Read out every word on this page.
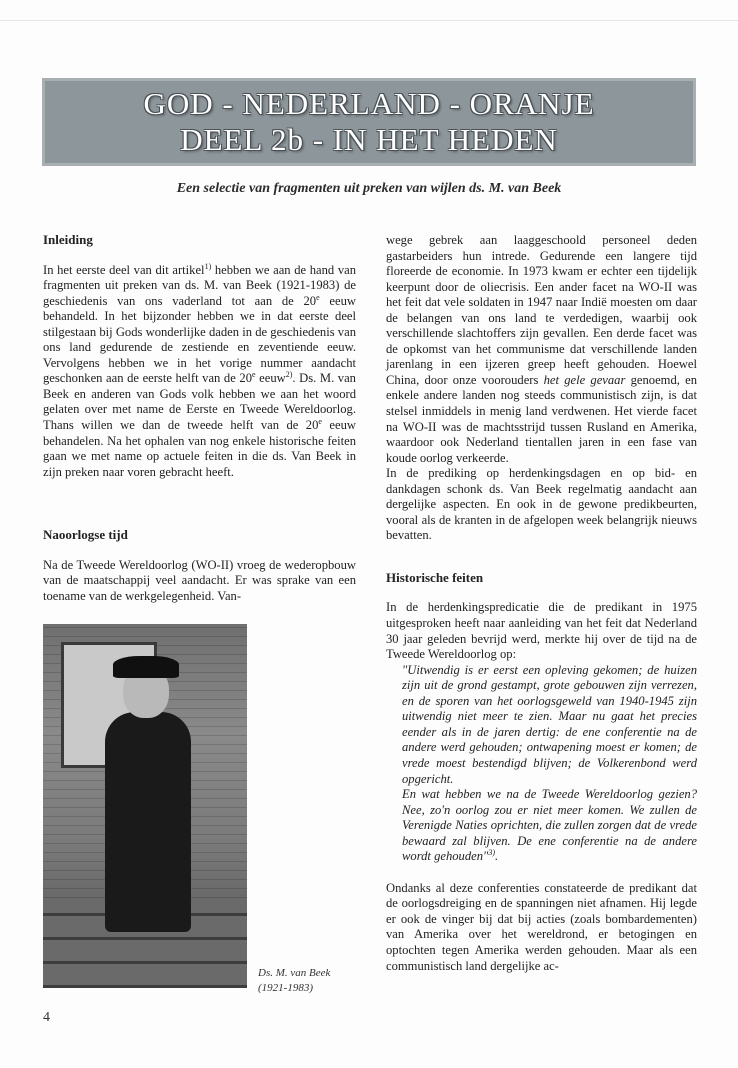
GOD - NEDERLAND - ORANJE
DEEL 2b - IN HET HEDEN
Een selectie van fragmenten uit preken van wijlen ds. M. van Beek
Inleiding

In het eerste deel van dit artikel$^{1)}$ hebben we aan de hand van fragmenten uit preken van ds. M. van Beek (1921-1983) de geschiedenis van ons vaderland tot aan de 20e eeuw behandeld. In het bijzonder hebben we in dat eerste deel stilgestaan bij Gods wonderlijke daden in de geschiedenis van ons land gedurende de zestiende en zeventiende eeuw. Vervolgens hebben we in het vorige nummer aandacht geschonken aan de eerste helft van de 20e eeuw$^{2)}$. Ds. M. van Beek en anderen van Gods volk hebben we aan het woord gelaten over met name de Eerste en Tweede Wereldoorlog. Thans willen we dan de tweede helft van de 20e eeuw behandelen. Na het ophalen van nog enkele historische feiten gaan we met name op actuele feiten in die ds. Van Beek in zijn preken naar voren gebracht heeft.

Naoorlogse tijd

Na de Tweede Wereldoorlog (WO-II) vroeg de wederopbouw van de maatschappij veel aandacht. Er was sprake van een toename van de werkgelegenheid. Van-

Ds. M. van Beek
(1921-1983)
4

wege gebrek aan laaggeschoold personeel deden gastarbeiders hun intrede. Gedurende een langere tijd floreerde de economie. In 1973 kwam er echter een tijdelijk keerpunt door de oliecrisis. Een ander facet na WO-II was het feit dat vele soldaten in 1947 naar Indië moesten om daar de belangen van ons land te verdedigen, waarbij ook verschillende slachtoffers zijn gevallen. Een derde facet was de opkomst van het communisme dat verschillende landen jarenlang in een ijzeren greep heeft gehouden. Hoewel China, door onze voorouders het gele gevaar genoemd, en enkele andere landen nog steeds communistisch zijn, is dat stelsel inmiddels in menig land verdwenen. Het vierde facet na WO-II was de machtsstrijd tussen Rusland en Amerika, waardoor ook Nederland tientallen jaren in een fase van koude oorlog verkeerde.

In de prediking op herdenkingsdagen en op bid- en dankdagen schonk ds. Van Beek regelmatig aandacht aan dergelijke aspecten. En ook in de gewone predikbeurten, vooral als de kranten in de afgelopen week belangrijk nieuws bevatten.

Historische feiten

In de herdenkingspredicatie die de predikant in 1975 uitgesproken heeft naar aanleiding van het feit dat Nederland 30 jaar geleden bevrijd werd, merkte hij over de tijd na de Tweede Wereldoorlog op:

"Uitwendig is er eerst een opleving gekomen; de huizen zijn uit de grond gestampt, grote gebouwen zijn verrezen, en de sporen van het oorlogsgeweld van 1940-1945 zijn uitwendig niet meer te zien. Maar nu gaat het precies eender als in de jaren dertig: de ene conferentie na de andere werd gehouden; ontwapening moest er komen; de vrede moest bestendigd blijven; de Volkerenbond werd opgericht.

En wat hebben we na de Tweede Wereldoorlog gezien? Nee, zo'n oorlog zou er niet meer komen. We zullen de Verenigde Naties oprichten, die zullen zorgen dat de vrede bewaard zal blijven. De ene conferentie na de andere wordt gehouden"$^{3)}$.

Ondanks al deze conferenties constateerde de predikant dat de oorlogsdreiging en de spanningen niet afnamen. Hij legde er ook de vinger bij dat bij acties (zoals bombardementen) van Amerika over het wereldrond, er betogingen en optochten tegen Amerika werden gehouden. Maar als een communistisch land dergelijke ac-
